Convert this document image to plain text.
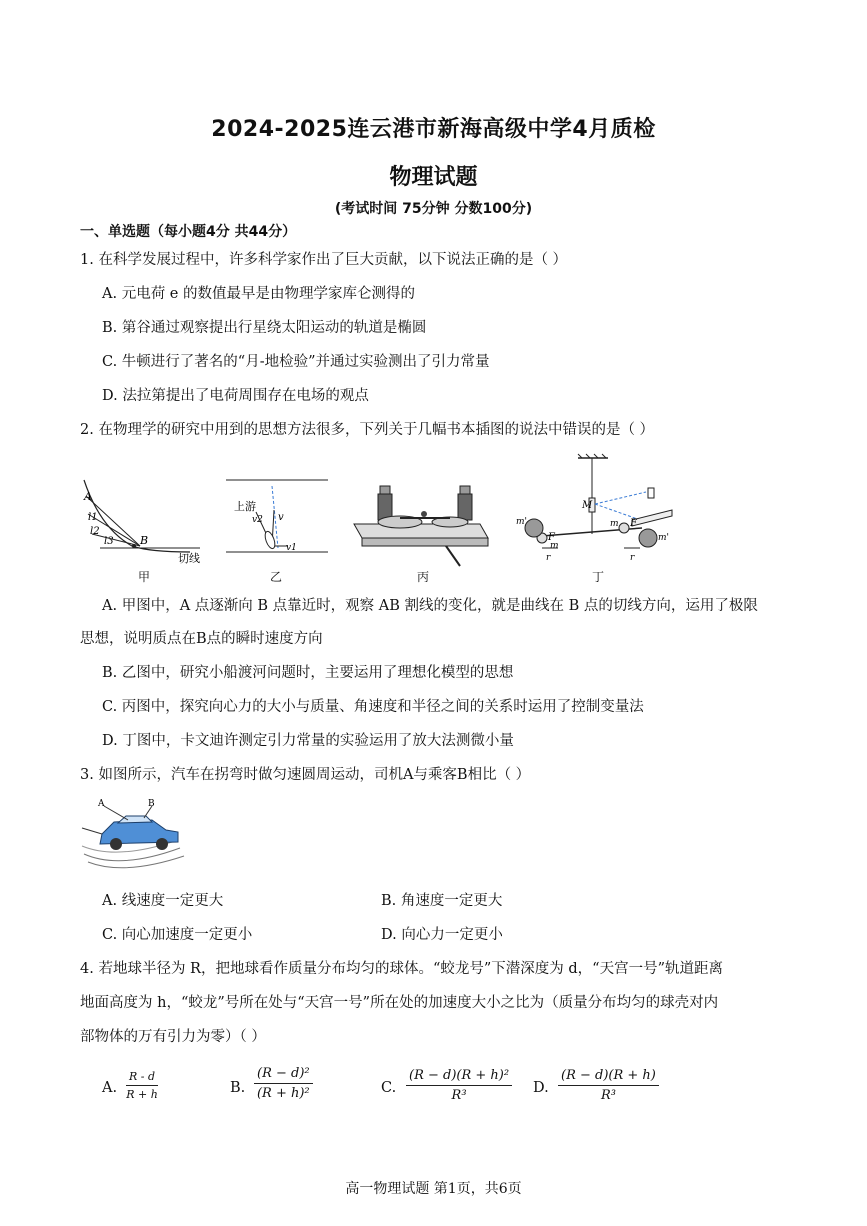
2024-2025连云港市新海高级中学4月质检
物理试题
(考试时间 75分钟 分数100分)
一、单选题（每小题4分 共44分）
1. 在科学发展过程中，许多科学家作出了巨大贡献，以下说法正确的是（ ）
A. 元电荷 e 的数值最早是由物理学家库仑测得的
B. 第谷通过观察提出行星绕太阳运动的轨道是椭圆
C. 牛顿进行了著名的“月-地检验”并通过实验测出了引力常量
D. 法拉第提出了电荷周围存在电场的观点
2. 在物理学的研究中用到的思想方法很多，下列关于几幅书本插图的说法中错误的是（ ）
A
l1
l2
l3 B
切线
甲
上游
v2 v
v1
乙	丙
M
m'
m
F
r
m F
m'
r
丁
A. 甲图中，A 点逐渐向 B 点靠近时，观察 AB 割线的变化，就是曲线在 B 点的切线方向，运用了极限
思想，说明质点在B点的瞬时速度方向
B. 乙图中，研究小船渡河问题时，主要运用了理想化模型的思想
C. 丙图中，探究向心力的大小与质量、角速度和半径之间的关系时运用了控制变量法
D. 丁图中，卡文迪许测定引力常量的实验运用了放大法测微小量
3. 如图所示，汽车在拐弯时做匀速圆周运动，司机A与乘客B相比（ ）
A	B
A. 线速度一定更大	B. 角速度一定更大
C. 向心加速度一定更小	D. 向心力一定更小
4. 若地球半径为 R，把地球看作质量分布均匀的球体。“蛟龙号”下潜深度为 d，“天宫一号”轨道距离
地面高度为 h，“蛟龙”号所在处与“天宫一号”所在处的加速度大小之比为（质量分布均匀的球壳对内
部物体的万有引力为零）（ ）
A. $\frac{R - d}{R + h}$	B. $\frac{\text{(R − d)²}}{\text{(R + h)²}}$	C. $\frac{\text{(R − d)(R + h)²}}{\text{R³}} D$. $\frac{(R - d)(R + h)}{\text{R³}}$
高一物理试题 第1页，共6页
